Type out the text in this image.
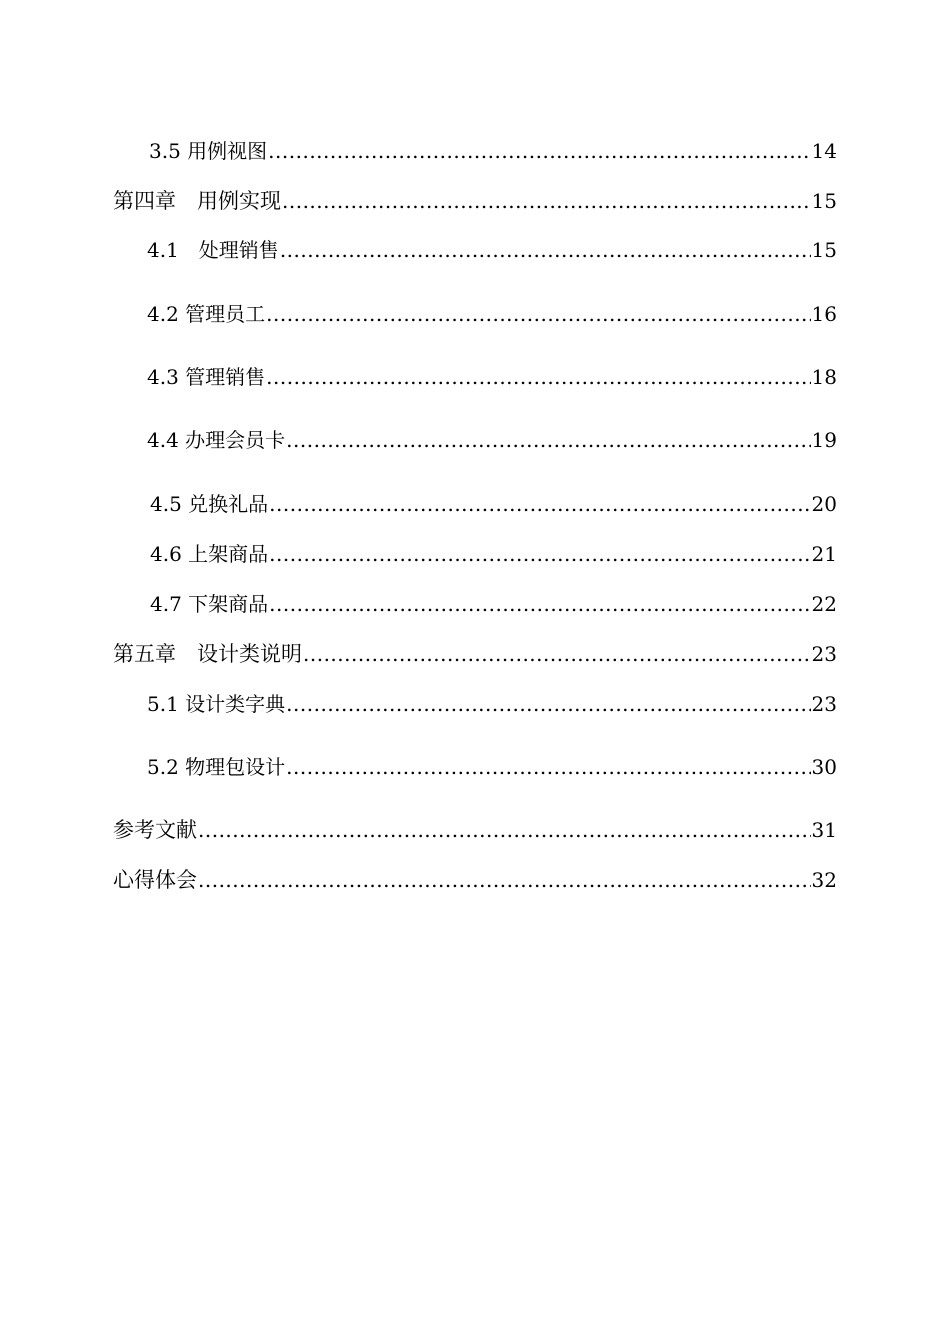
3.5 用例视图 .....	14
第四章　用例实现 .....	15
4.1　处理销售 .....	15
4.2 管理员工 .....	16
4.3 管理销售 .....	18
4.4 办理会员卡 .....	19
4.5 兑换礼品 .....	20
4.6 上架商品 .....	21
4.7 下架商品 .....	22
第五章　设计类说明 .....	23
5.1 设计类字典 .....	23
5.2 物理包设计 .....	30
参考文献 .....	31
心得体会 .....	32
